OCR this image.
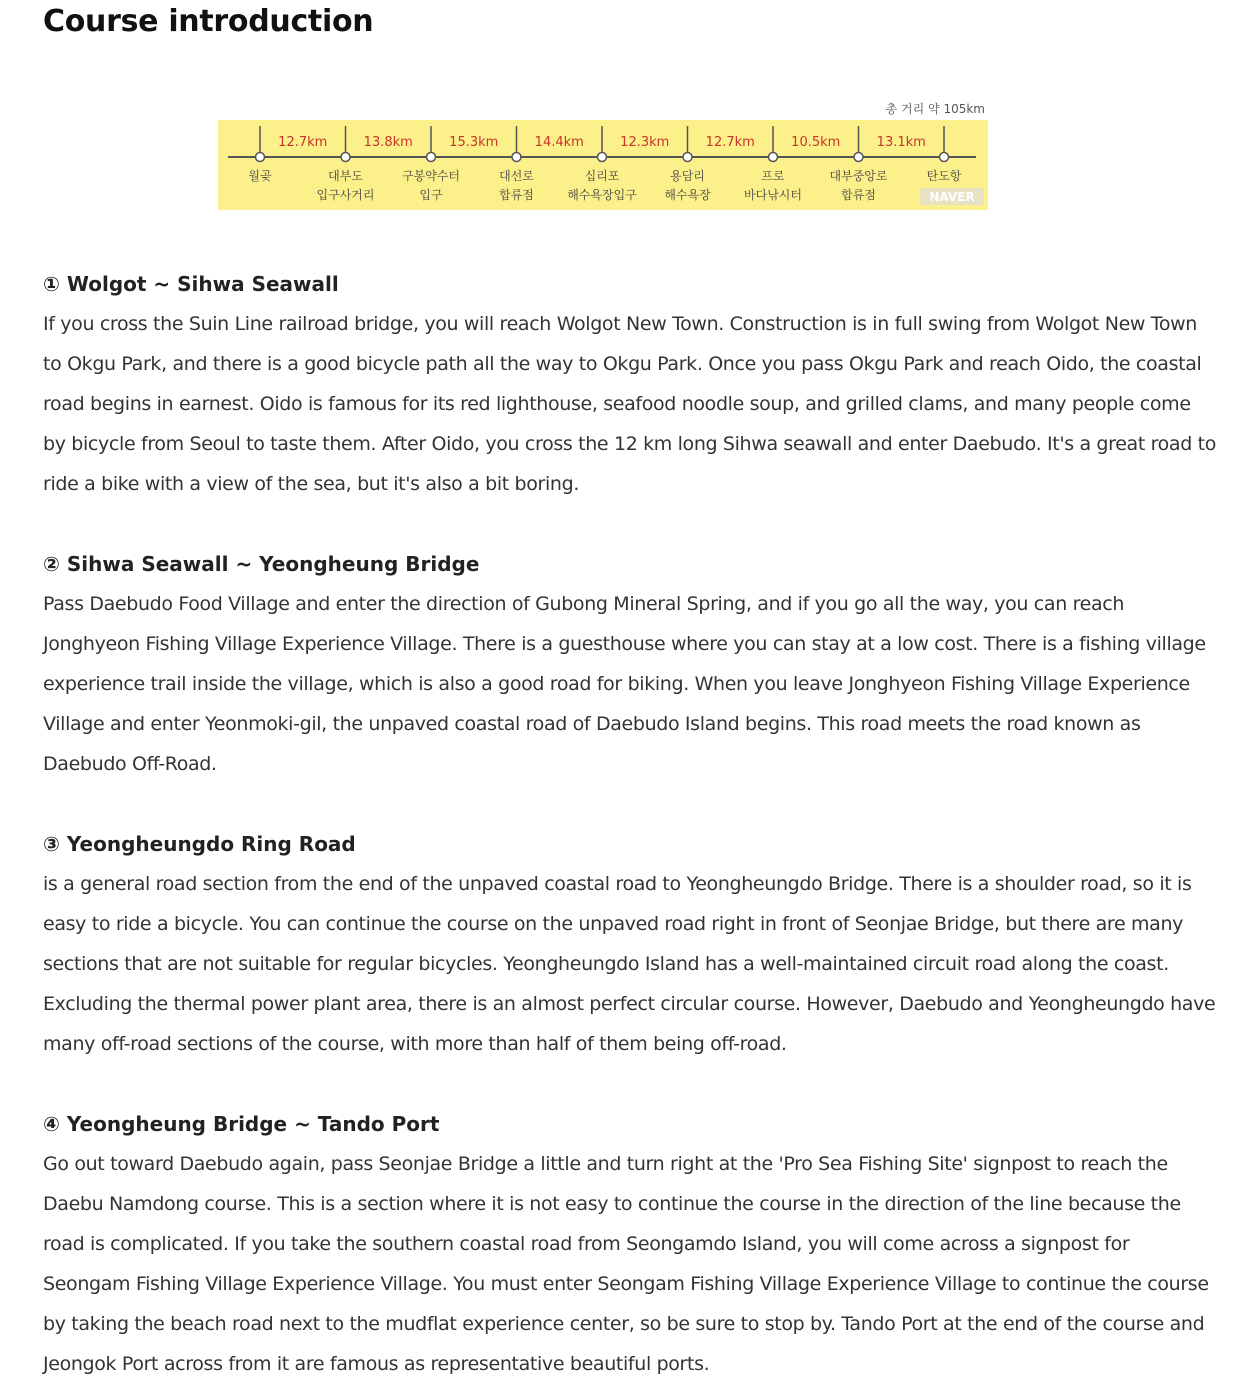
Course introduction
총 거리 약 105km
월곶	대부도
입구사거리
구봉약수터
입구
대선로
합류점
십리포
해수욕장입구
용담리
해수욕장
프로
바다낚시터
대부중앙로
합류점
탄도항
12.7km	13.8km	15.3km	14.4km	12.3km	12.7km	10.5km	13.1km
NAVER
① Wolgot ~ Sihwa Seawall

If you cross the Suin Line railroad bridge, you will reach Wolgot New Town. Construction is in full swing from Wolgot New Town to Okgu Park, and there is a good bicycle path all the way to Okgu Park. Once you pass Okgu Park and reach Oido, the coastal road begins in earnest. Oido is famous for its red lighthouse, seafood noodle soup, and grilled clams, and many people come by bicycle from Seoul to taste them. After Oido, you cross the 12 km long Sihwa seawall and enter Daebudo. It's a great road to ride a bike with a view of the sea, but it's also a bit boring.

② Sihwa Seawall ~ Yeongheung Bridge

Pass Daebudo Food Village and enter the direction of Gubong Mineral Spring, and if you go all the way, you can reach Jonghyeon Fishing Village Experience Village. There is a guesthouse where you can stay at a low cost. There is a fishing village experience trail inside the village, which is also a good road for biking. When you leave Jonghyeon Fishing Village Experience Village and enter Yeonmoki-gil, the unpaved coastal road of Daebudo Island begins. This road meets the road known as Daebudo Off-Road.

③ Yeongheungdo Ring Road

is a general road section from the end of the unpaved coastal road to Yeongheungdo Bridge. There is a shoulder road, so it is easy to ride a bicycle. You can continue the course on the unpaved road right in front of Seonjae Bridge, but there are many sections that are not suitable for regular bicycles. Yeongheungdo Island has a well-maintained circuit road along the coast. Excluding the thermal power plant area, there is an almost perfect circular course. However, Daebudo and Yeongheungdo have many off-road sections of the course, with more than half of them being off-road.

④ Yeongheung Bridge ~ Tando Port

Go out toward Daebudo again, pass Seonjae Bridge a little and turn right at the 'Pro Sea Fishing Site' signpost to reach the Daebu Namdong course. This is a section where it is not easy to continue the course in the direction of the line because the road is complicated. If you take the southern coastal road from Seongamdo Island, you will come across a signpost for Seongam Fishing Village Experience Village. You must enter Seongam Fishing Village Experience Village to continue the course by taking the beach road next to the mudflat experience center, so be sure to stop by. Tando Port at the end of the course and Jeongok Port across from it are famous as representative beautiful ports.
